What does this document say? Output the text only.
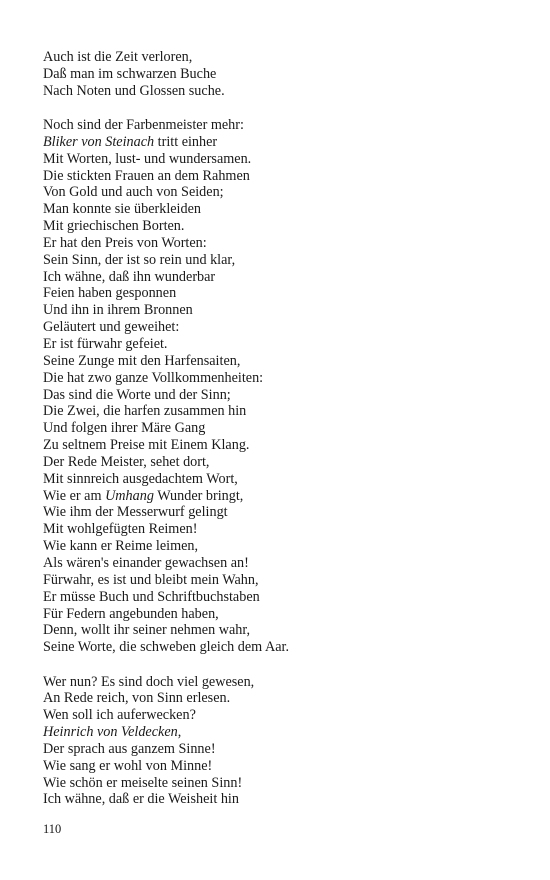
Auch ist die Zeit verloren,
Daß man im schwarzen Buche
Nach Noten und Glossen suche.
Noch sind der Farbenmeister mehr:
Bliker von Steinach tritt einher
Mit Worten, lust- und wundersamen.
Die stickten Frauen an dem Rahmen
Von Gold und auch von Seiden;
Man konnte sie überkleiden
Mit griechischen Borten.
Er hat den Preis von Worten:
Sein Sinn, der ist so rein und klar,
Ich wähne, daß ihn wunderbar
Feien haben gesponnen
Und ihn in ihrem Bronnen
Geläutert und geweihet:
Er ist fürwahr gefeiet.
Seine Zunge mit den Harfensaiten,
Die hat zwo ganze Vollkommenheiten:
Das sind die Worte und der Sinn;
Die Zwei, die harfen zusammen hin
Und folgen ihrer Märe Gang
Zu seltnem Preise mit Einem Klang.
Der Rede Meister, sehet dort,
Mit sinnreich ausgedachtem Wort,
Wie er am Umhang Wunder bringt,
Wie ihm der Messerwurf gelingt
Mit wohlgefügten Reimen!
Wie kann er Reime leimen,
Als wären's einander gewachsen an!
Fürwahr, es ist und bleibt mein Wahn,
Er müsse Buch und Schriftbuchstaben
Für Federn angebunden haben,
Denn, wollt ihr seiner nehmen wahr,
Seine Worte, die schweben gleich dem Aar.
Wer nun? Es sind doch viel gewesen,
An Rede reich, von Sinn erlesen.
Wen soll ich auferwecken?
Heinrich von Veldecken,
Der sprach aus ganzem Sinne!
Wie sang er wohl von Minne!
Wie schön er meiselte seinen Sinn!
Ich wähne, daß er die Weisheit hin
110
